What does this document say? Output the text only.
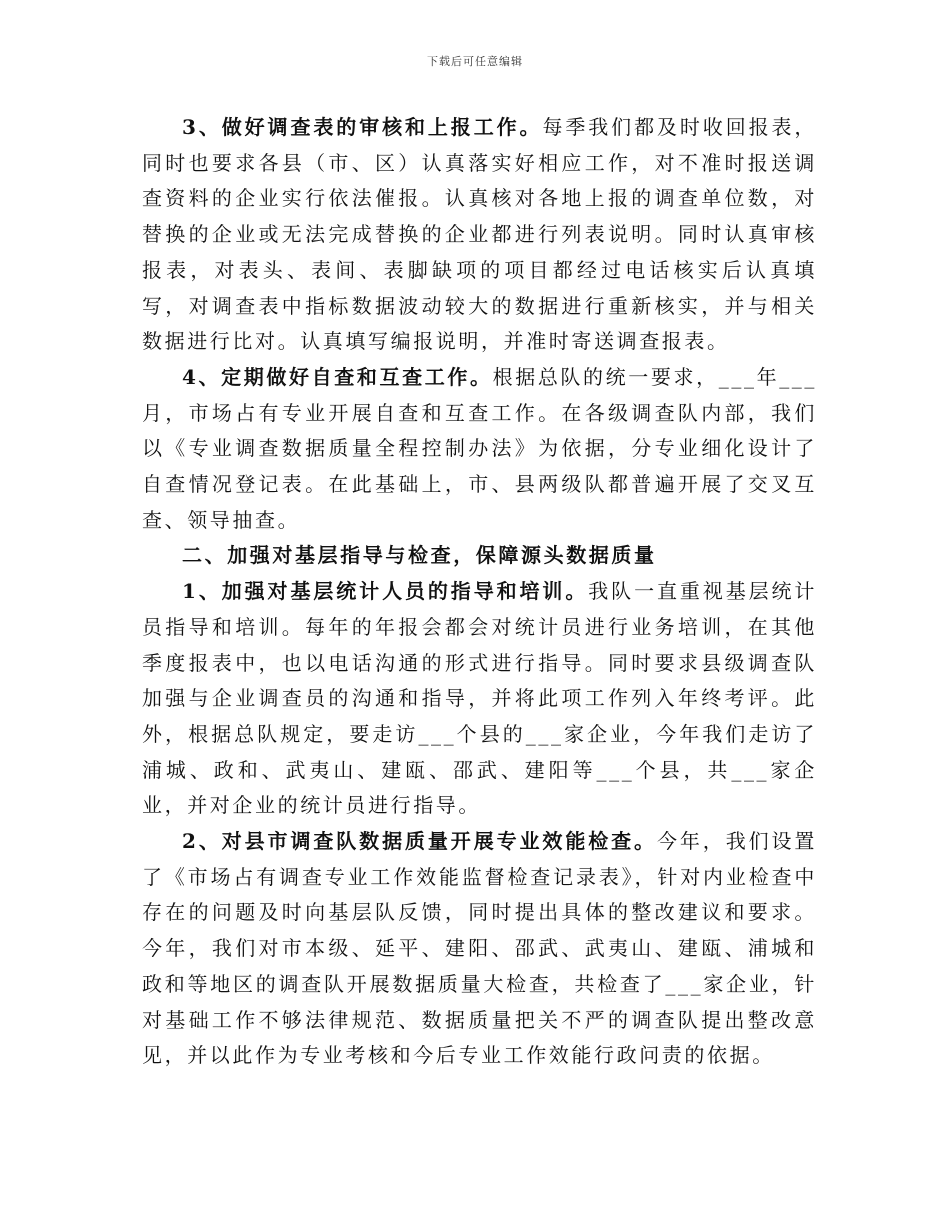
下载后可任意编辑

3、做好调查表的审核和上报工作。每季我们都及时收回报表，同时也要求各县（市、区）认真落实好相应工作，对不准时报送调查资料的企业实行依法催报。认真核对各地上报的调查单位数，对替换的企业或无法完成替换的企业都进行列表说明。同时认真审核报表，对表头、表间、表脚缺项的项目都经过电话核实后认真填写，对调查表中指标数据波动较大的数据进行重新核实，并与相关数据进行比对。认真填写编报说明，并准时寄送调查报表。

4、定期做好自查和互查工作。根据总队的统一要求，___年___月，市场占有专业开展自查和互查工作。在各级调查队内部，我们以《专业调查数据质量全程控制办法》为依据，分专业细化设计了自查情况登记表。在此基础上，市、县两级队都普遍开展了交叉互查、领导抽查。

二、加强对基层指导与检查，保障源头数据质量

1、加强对基层统计人员的指导和培训。我队一直重视基层统计员指导和培训。每年的年报会都会对统计员进行业务培训，在其他季度报表中，也以电话沟通的形式进行指导。同时要求县级调查队加强与企业调查员的沟通和指导，并将此项工作列入年终考评。此外，根据总队规定，要走访___个县的___家企业，今年我们走访了浦城、政和、武夷山、建瓯、邵武、建阳等___个县，共___家企业，并对企业的统计员进行指导。

2、对县市调查队数据质量开展专业效能检查。今年，我们设置了《市场占有调查专业工作效能监督检查记录表》，针对内业检查中存在的问题及时向基层队反馈，同时提出具体的整改建议和要求。今年，我们对市本级、延平、建阳、邵武、武夷山、建瓯、浦城和政和等地区的调查队开展数据质量大检查，共检查了___家企业，针对基础工作不够法律规范、数据质量把关不严的调查队提出整改意见，并以此作为专业考核和今后专业工作效能行政问责的依据。
